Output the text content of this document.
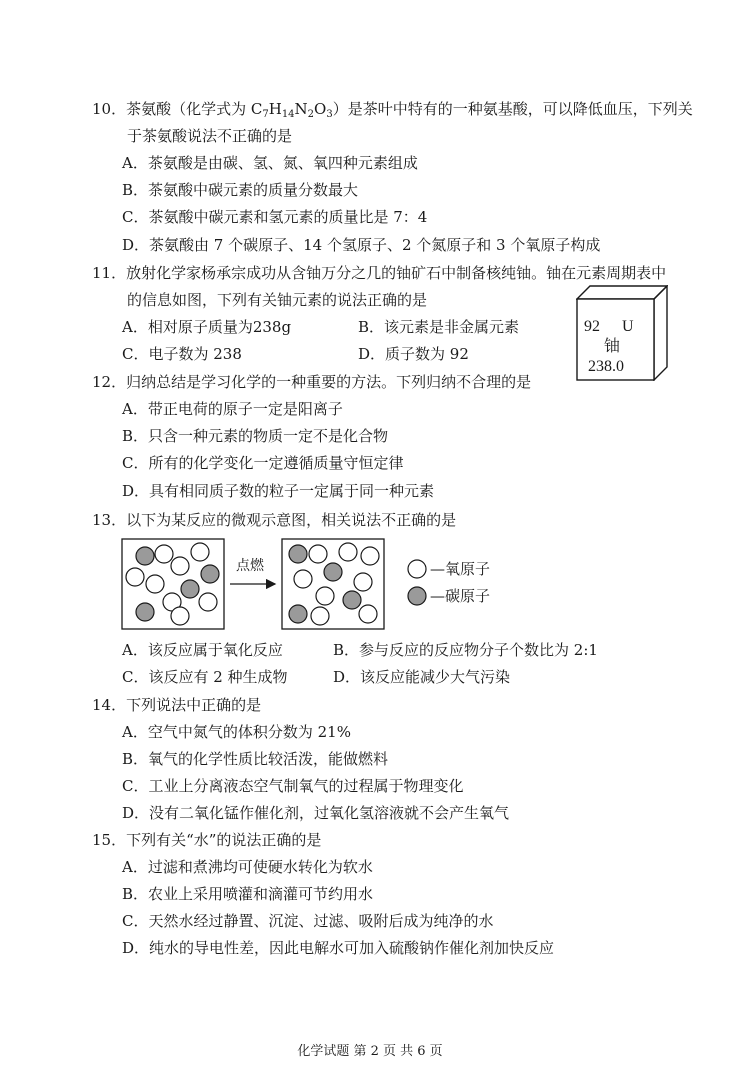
10．茶氨酸（化学式为 $C_7H_{14}N_2O_3$）是茶叶中特有的一种氨基酸，可以降低血压，下列关
于茶氨酸说法不正确的是
A．茶氨酸是由碳、氢、氮、氧四种元素组成
B．茶氨酸中碳元素的质量分数最大
C．茶氨酸中碳元素和氢元素的质量比是 7：4
D．茶氨酸由 7 个碳原子、14 个氢原子、2 个氮原子和 3 个氧原子构成
11．放射化学家杨承宗成功从含铀万分之几的铀矿石中制备核纯铀。铀在元素周期表中
的信息如图，下列有关铀元素的说法正确的是
A．相对原子质量为238g	B．该元素是非金属元素
C．电子数为 238	D．质子数为 92
92 U
铀
238.0
12．归纳总结是学习化学的一种重要的方法。下列归纳不合理的是
A．带正电荷的原子一定是阳离子
B．只含一种元素的物质一定不是化合物
C．所有的化学变化一定遵循质量守恒定律
D．具有相同质子数的粒子一定属于同一种元素
13．以下为某反应的微观示意图，相关说法不正确的是
点燃	—氧原子
—碳原子
A．该反应属于氧化反应	B．参与反应的反应物分子个数比为 2:1
C．该反应有 2 种生成物	D．该反应能减少大气污染
14．下列说法中正确的是
A．空气中氮气的体积分数为 21%
B．氧气的化学性质比较活泼，能做燃料
C．工业上分离液态空气制氧气的过程属于物理变化
D．没有二氧化锰作催化剂，过氧化氢溶液就不会产生氧气
15．下列有关“水”的说法正确的是
A．过滤和煮沸均可使硬水转化为软水
B．农业上采用喷灌和滴灌可节约用水
C．天然水经过静置、沉淀、过滤、吸附后成为纯净的水
D．纯水的导电性差，因此电解水可加入硫酸钠作催化剂加快反应
化学试题 第 2 页 共 6 页
